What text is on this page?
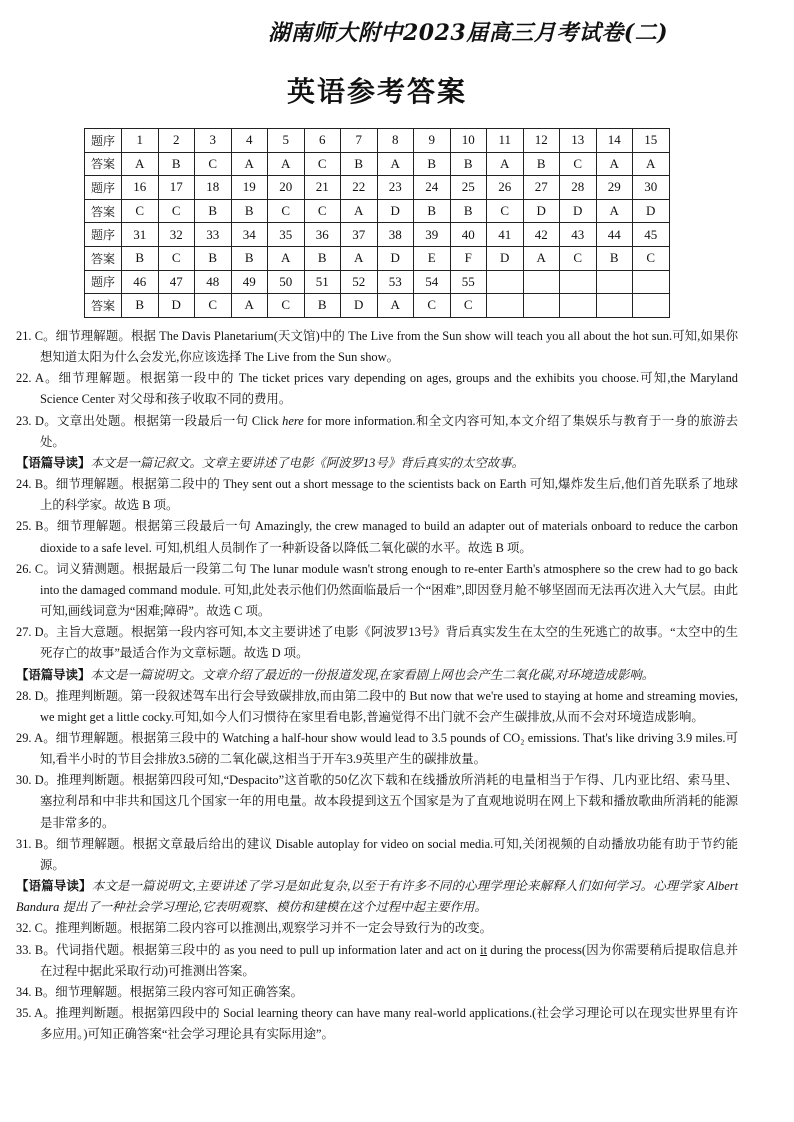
湖南师大附中2023届高三月考试卷(二)
英语参考答案
题序	1	2	3	4	5	6	7	8	9	10	11	12	13	14	15
答案	A	B	C	A	A	C	B	A	B	B	A	B	C	A	A
题序	16	17	18	19	20	21	22	23	24	25	26	27	28	29	30
答案	C	C	B	B	C	C	A	D	B	B	C	D	D	A	D
题序	31	32	33	34	35	36	37	38	39	40	41	42	43	44	45
答案	B	C	B	B	A	B	A	D	E	F	D	A	C	B	C
题序	46	47	48	49	50	51	52	53	54	55					
答案	B	D	C	A	C	B	D	A	C	C					
21. C。细节理解题。根据 The Davis Planetarium(天文馆)中的 The Live from the Sun show will teach you all about the hot sun.可知,如果你想知道太阳为什么会发光,你应该选择 The Live from the Sun show。
22. A。细节理解题。根据第一段中的 The ticket prices vary depending on ages, groups and the exhibits you choose.可知,the Maryland Science Center 对父母和孩子收取不同的费用。
23. D。文章出处题。根据第一段最后一句 Click here for more information.和全文内容可知,本文介绍了集娱乐与教育于一身的旅游去处。
【语篇导读】本文是一篇记叙文。文章主要讲述了电影《阿波罗13号》背后真实的太空故事。
24. B。细节理解题。根据第二段中的 They sent out a short message to the scientists back on Earth 可知,爆炸发生后,他们首先联系了地球上的科学家。故选 B 项。
25. B。细节理解题。根据第三段最后一句 Amazingly, the crew managed to build an adapter out of materials onboard to reduce the carbon dioxide to a safe level. 可知,机组人员制作了一种新设备以降低二氧化碳的水平。故选 B 项。
26. C。词义猜测题。根据最后一段第二句 The lunar module wasn't strong enough to re-enter Earth's atmosphere so the crew had to go back into the damaged command module. 可知,此处表示他们仍然面临最后一个“困难”,即因登月舱不够坚固而无法再次进入大气层。由此可知,画线词意为“困难;障碍”。故选 C 项。
27. D。主旨大意题。根据第一段内容可知,本文主要讲述了电影《阿波罗13号》背后真实发生在太空的生死逃亡的故事。“太空中的生死存亡的故事”最适合作为文章标题。故选 D 项。
【语篇导读】本文是一篇说明文。文章介绍了最近的一份报道发现,在家看剧上网也会产生二氧化碳,对环境造成影响。
28. D。推理判断题。第一段叙述驾车出行会导致碳排放,而由第二段中的 But now that we're used to staying at home and streaming movies, we might get a little cocky.可知,如今人们习惯待在家里看电影,普遍觉得不出门就不会产生碳排放,从而不会对环境造成影响。
29. A。细节理解题。根据第三段中的 Watching a half-hour show would lead to 3.5 pounds of CO₂ emissions. That's like driving 3.9 miles.可知,看半小时的节目会排放3.5磅的二氧化碳,这相当于开车3.9英里产生的碳排放量。
30. D。推理判断题。根据第四段可知,“Despacito”这首歌的50亿次下载和在线播放所消耗的电量相当于乍得、几内亚比绍、索马里、塞拉利昂和中非共和国这几个国家一年的用电量。故本段提到这五个国家是为了直观地说明在网上下载和播放歌曲所消耗的能源是非常多的。
31. B。细节理解题。根据文章最后给出的建议 Disable autoplay for video on social media.可知,关闭视频的自动播放功能有助于节约能源。
【语篇导读】本文是一篇说明文,主要讲述了学习是如此复杂,以至于有许多不同的心理学理论来解释人们如何学习。心理学家 Albert Bandura 提出了一种社会学习理论,它表明观察、模仿和建模在这个过程中起主要作用。
32. C。推理判断题。根据第二段内容可以推测出,观察学习并不一定会导致行为的改变。
33. B。代词指代题。根据第三段中的 as you need to pull up information later and act on it during the process(因为你需要稍后提取信息并在过程中据此采取行动)可推测出答案。
34. B。细节理解题。根据第三段内容可知正确答案。
35. A。推理判断题。根据第四段中的 Social learning theory can have many real-world applications.(社会学习理论可以在现实世界里有许多应用。)可知正确答案“社会学习理论具有实际用途”。
